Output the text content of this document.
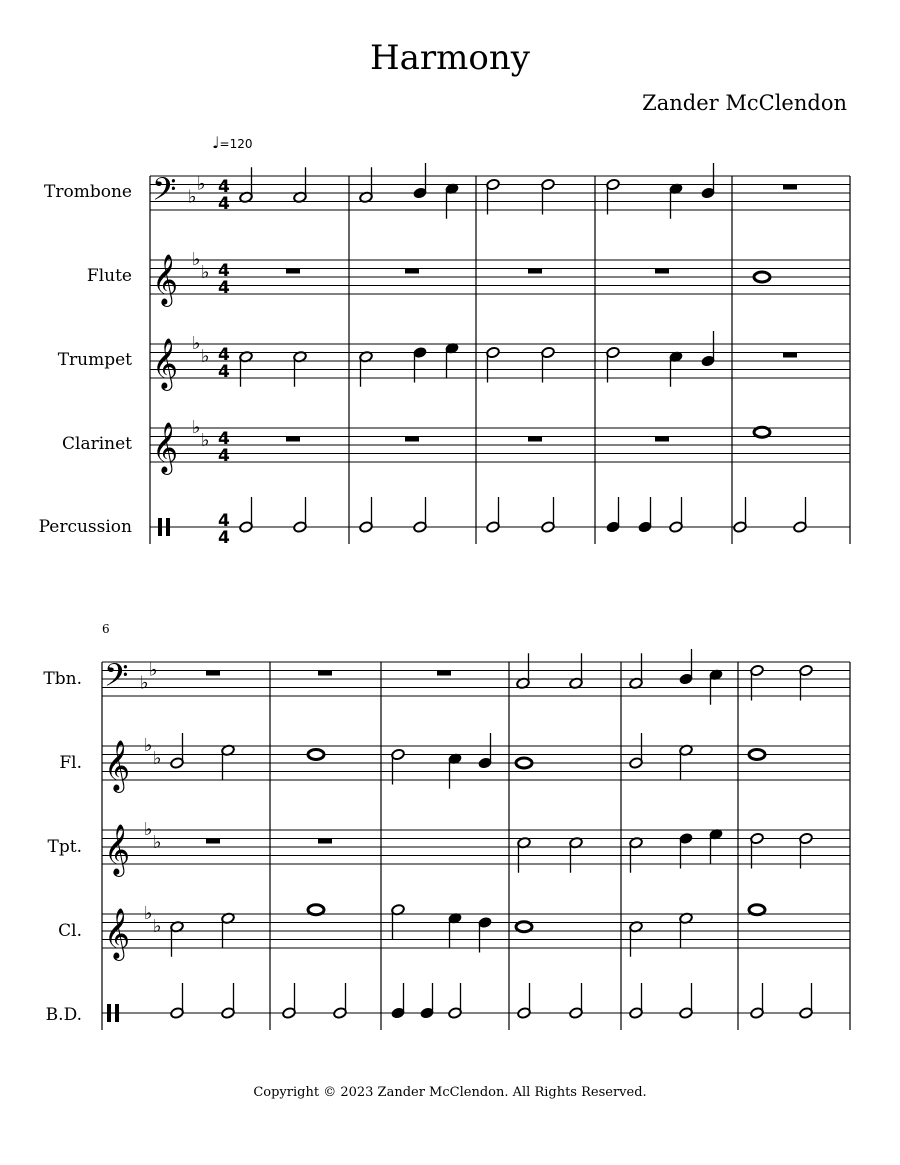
Harmony
Zander McClendon
♩=120
Trombone
Flute
Trumpet
Clarinet
Percussion
6
Tbn.
Fl.
Tpt.
Cl.
B.D.
Copyright © 2023 Zander McClendon. All Rights Reserved.
𝄢 ♭
♭ 4
4
𝄞 ♭
♭ 4
4
𝄞 ♭
♭ 4
4
𝄞 ♭
♭ 4
4
4
4
𝄢 ♭
♭
𝄞 ♭
♭
𝄞 ♭
♭
𝄞 ♭
♭
